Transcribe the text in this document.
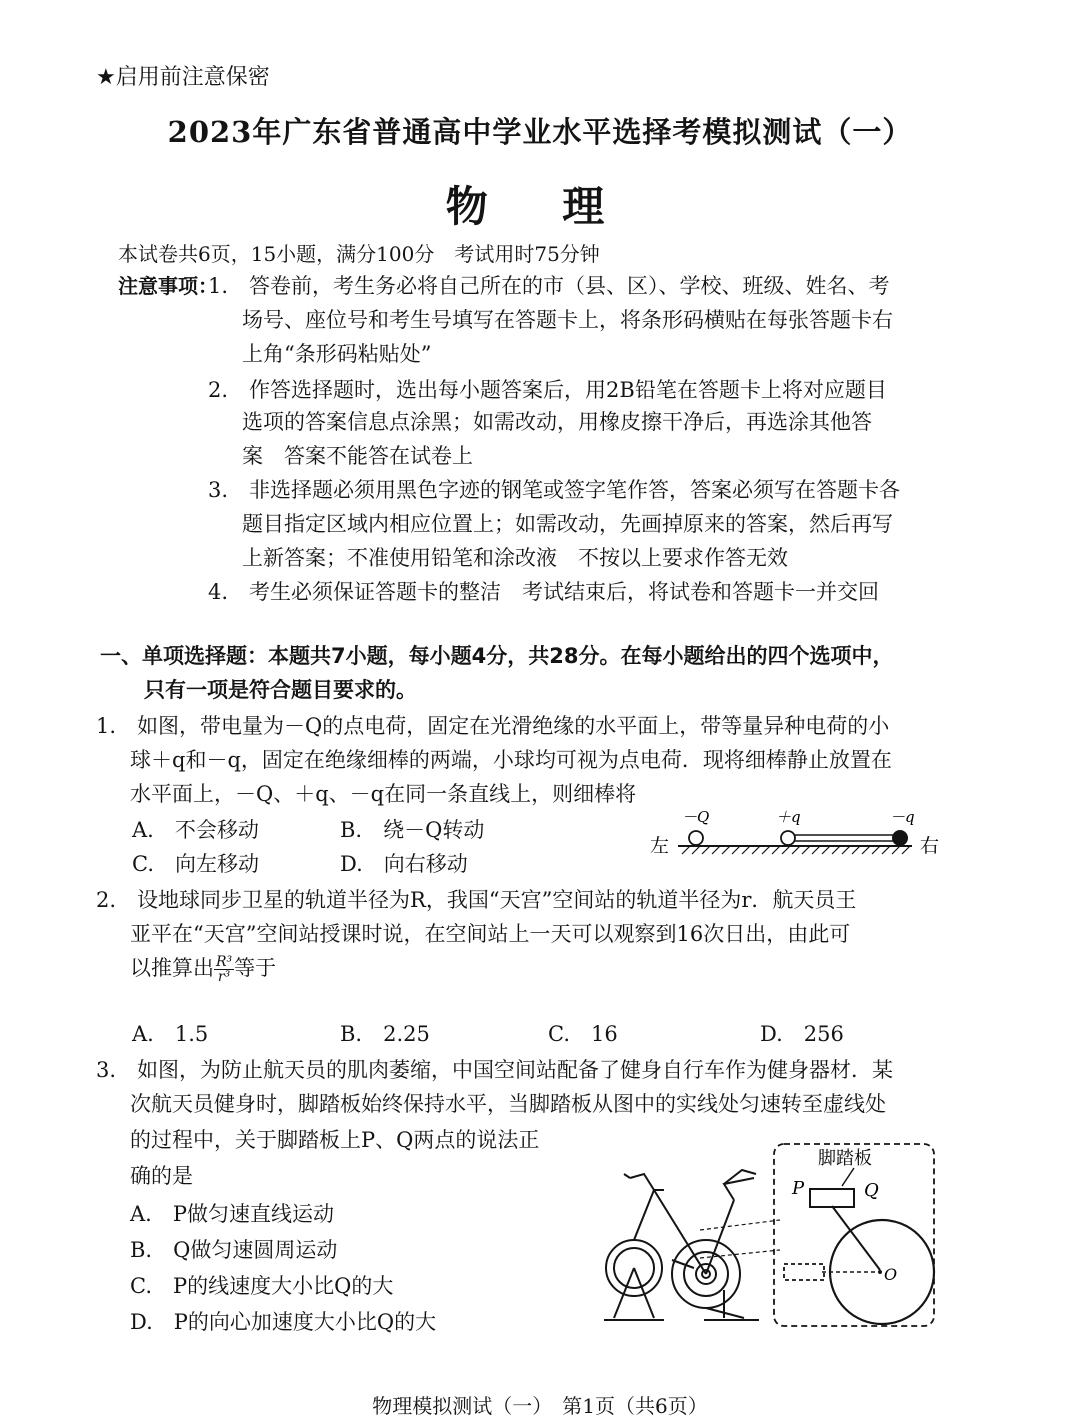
★启用前注意保密
2023年广东省普通高中学业水平选择考模拟测试（一）
物 理
本试卷共6页，15小题，满分100分　考试用时75分钟
注意事项：
1.　答卷前，考生务必将自己所在的市（县、区）、学校、班级、姓名、考
场号、座位号和考生号填写在答题卡上，将条形码横贴在每张答题卡右
上角“条形码粘贴处”
2.　作答选择题时，选出每小题答案后，用2B铅笔在答题卡上将对应题目
选项的答案信息点涂黑；如需改动，用橡皮擦干净后，再选涂其他答
案　答案不能答在试卷上
3.　非选择题必须用黑色字迹的钢笔或签字笔作答，答案必须写在答题卡各
题目指定区域内相应位置上；如需改动，先画掉原来的答案，然后再写
上新答案；不准使用铅笔和涂改液　不按以上要求作答无效
4.　考生必须保证答题卡的整洁　考试结束后，将试卷和答题卡一并交回
一、单项选择题：本题共7小题，每小题4分，共28分。在每小题给出的四个选项中，
只有一项是符合题目要求的。
1.　如图，带电量为－Q的点电荷，固定在光滑绝缘的水平面上，带等量异种电荷的小
球＋q和－q，固定在绝缘细棒的两端，小球均可视为点电荷．现将细棒静止放置在
水平面上，－Q、＋q、－q在同一条直线上，则细棒将
A.　不会移动	B.　绕－Q转动
C.　向左移动	D.　向右移动
左	右
－Q	＋q	－q
2.　设地球同步卫星的轨道半径为R，我国“天宫”空间站的轨道半径为r．航天员王
亚平在“天宫”空间站授课时说，在空间站上一天可以观察到16次日出，由此可
以推算出 $\frac{\text{R³}}{\text{r³}}$ 等于
A.　1.5	B.　2.25	C.　16	D.　256
3.　如图，为防止航天员的肌肉萎缩，中国空间站配备了健身自行车作为健身器材．某
次航天员健身时，脚踏板始终保持水平，当脚踏板从图中的实线处匀速转至虚线处
的过程中，关于脚踏板上P、Q两点的说法正
确的是
A.　P做匀速直线运动
B.　Q做匀速圆周运动
C.　P的线速度大小比Q的大
D.　P的向心加速度大小比Q的大
脚踏板
P	Q
O
物理模拟测试（一）　第1页（共6页）
